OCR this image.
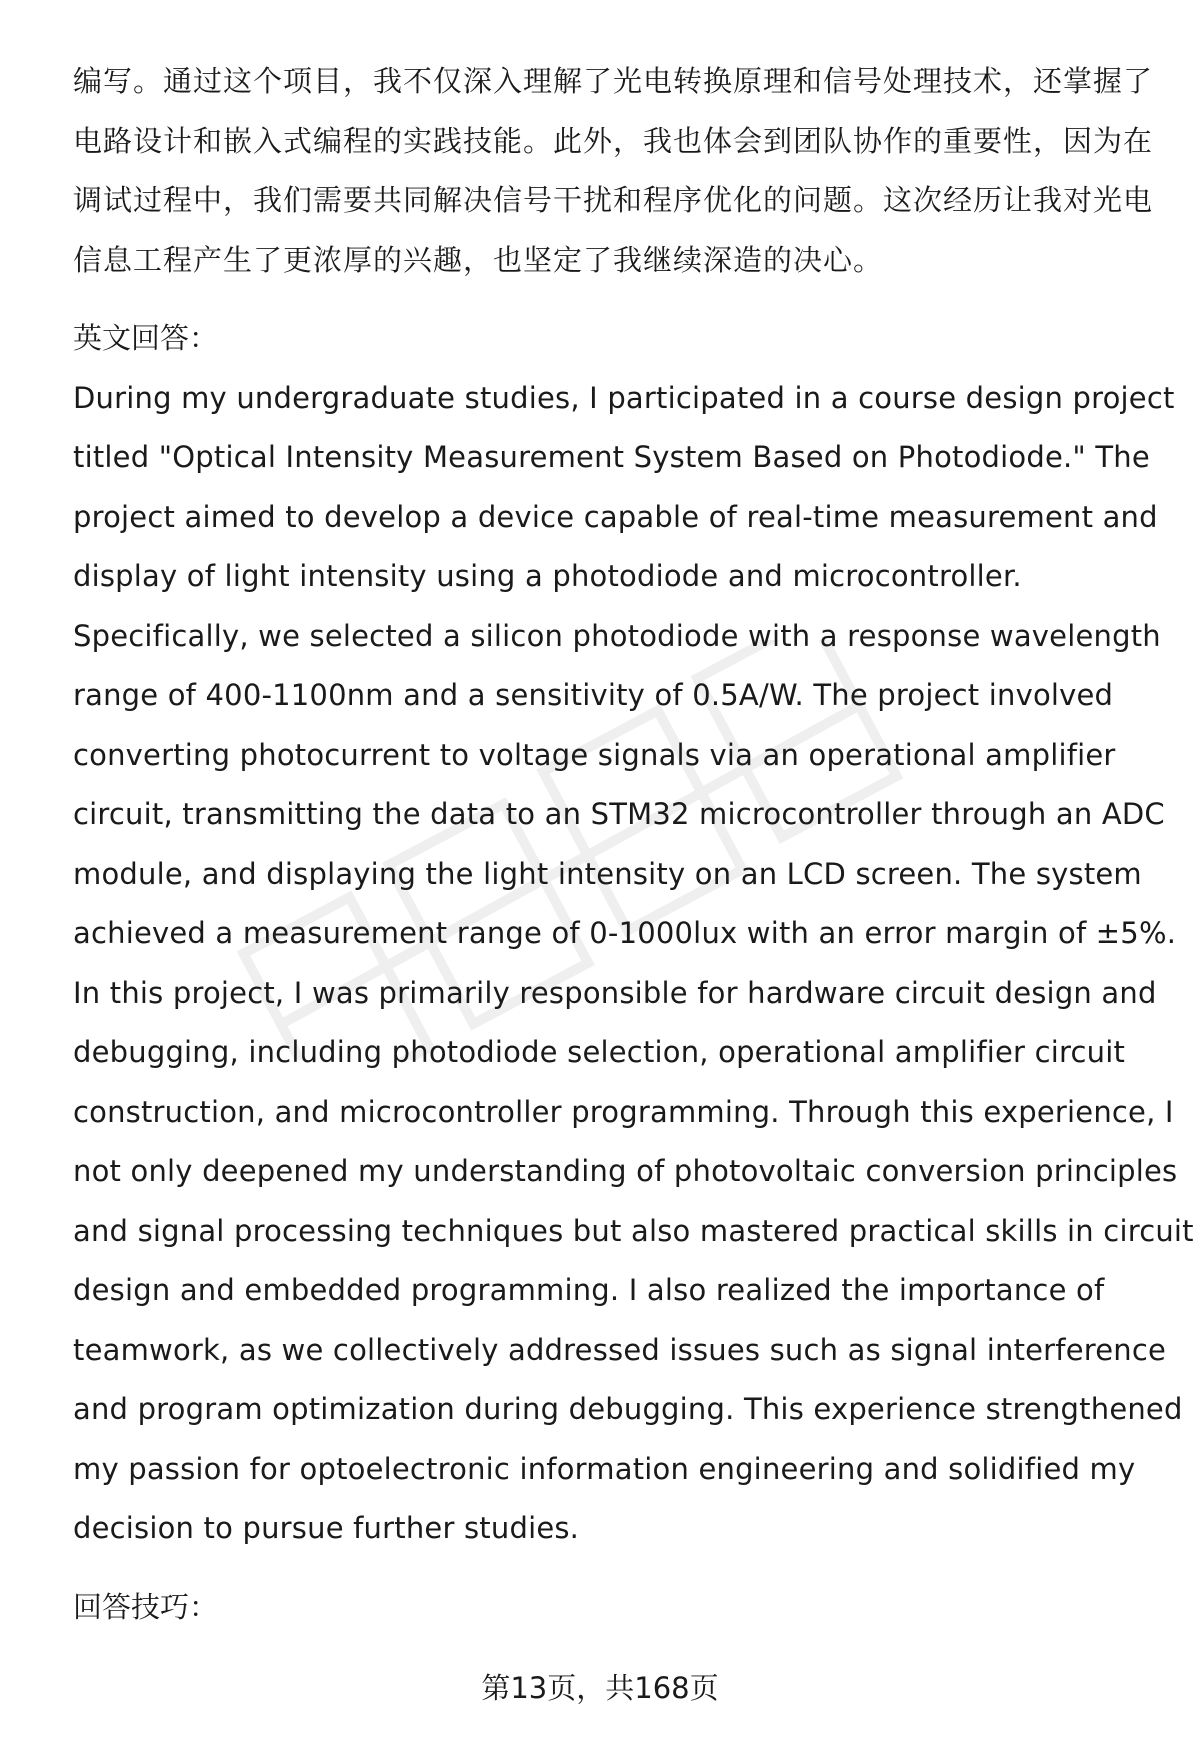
编写。通过这个项目，我不仅深入理解了光电转换原理和信号处理技术，还掌握了电路设计和嵌入式编程的实践技能。此外，我也体会到团队协作的重要性，因为在调试过程中，我们需要共同解决信号干扰和程序优化的问题。这次经历让我对光电信息工程产生了更浓厚的兴趣，也坚定了我继续深造的决心。

英文回答：

During my undergraduate studies, I participated in a course design project
titled "Optical Intensity Measurement System Based on Photodiode." The
project aimed to develop a device capable of real-time measurement and
display of light intensity using a photodiode and microcontroller.
Specifically, we selected a silicon photodiode with a response wavelength
range of 400-1100nm and a sensitivity of 0.5A/W. The project involved
converting photocurrent to voltage signals via an operational amplifier
circuit, transmitting the data to an STM32 microcontroller through an ADC
module, and displaying the light intensity on an LCD screen. The system
achieved a measurement range of 0-1000lux with an error margin of ±5%.
In this project, I was primarily responsible for hardware circuit design and
debugging, including photodiode selection, operational amplifier circuit
construction, and microcontroller programming. Through this experience, I
not only deepened my understanding of photovoltaic conversion principles
and signal processing techniques but also mastered practical skills in circuit
design and embedded programming. I also realized the importance of
teamwork, as we collectively addressed issues such as signal interference
and program optimization during debugging. This experience strengthened
my passion for optoelectronic information engineering and solidified my
decision to pursue further studies.

回答技巧：

第13页，共168页
